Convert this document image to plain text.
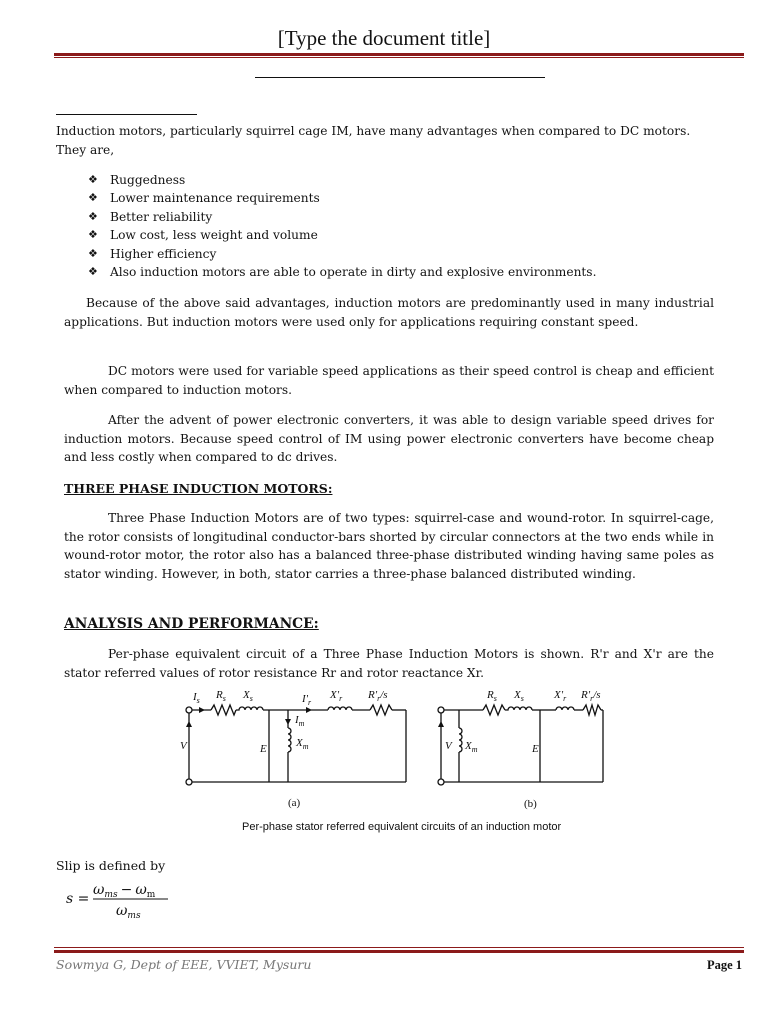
[Type the document title]
Induction motors, particularly squirrel cage IM, have many advantages when compared to DC motors. They are,
❖ Ruggedness
❖ Lower maintenance requirements
❖ Better reliability
❖ Low cost, less weight and volume
❖ Higher efficiency
❖ Also induction motors are able to operate in dirty and explosive environments.
Because of the above said advantages, induction motors are predominantly used in many industrial applications. But induction motors were used only for applications requiring constant speed.
DC motors were used for variable speed applications as their speed control is cheap and efficient when compared to induction motors.
After the advent of power electronic converters, it was able to design variable speed drives for induction motors. Because speed control of IM using power electronic converters have become cheap and less costly when compared to dc drives.
THREE PHASE INDUCTION MOTORS:
Three Phase Induction Motors are of two types: squirrel-case and wound-rotor. In squirrel-cage, the rotor consists of longitudinal conductor-bars shorted by circular connectors at the two ends while in wound-rotor motor, the rotor also has a balanced three-phase distributed winding having same poles as stator winding. However, in both, stator carries a three-phase balanced distributed winding.
ANALYSIS AND PERFORMANCE:
Per-phase equivalent circuit of a Three Phase Induction Motors is shown. R'r and X'r are the stator referred values of rotor resistance Rr and rotor reactance Xr.
$I_s$ $R_s$ $X_s$	$I'_r$
$X'_r$ $R'_r/s$
$I_m$
$X_m$
V	E
$R_s$ $X_s$	$X'_r$ $R'_r/s$
V $X_m$	E
(a)	(b)
Per-phase stator referred equivalent circuits of an induction motor
Slip is defined by
s =
$\omega_{ms} - \omega_m$
$\omega_{ms}$
Sowmya G, Dept of EEE, VVIET, Mysuru	Page 1
